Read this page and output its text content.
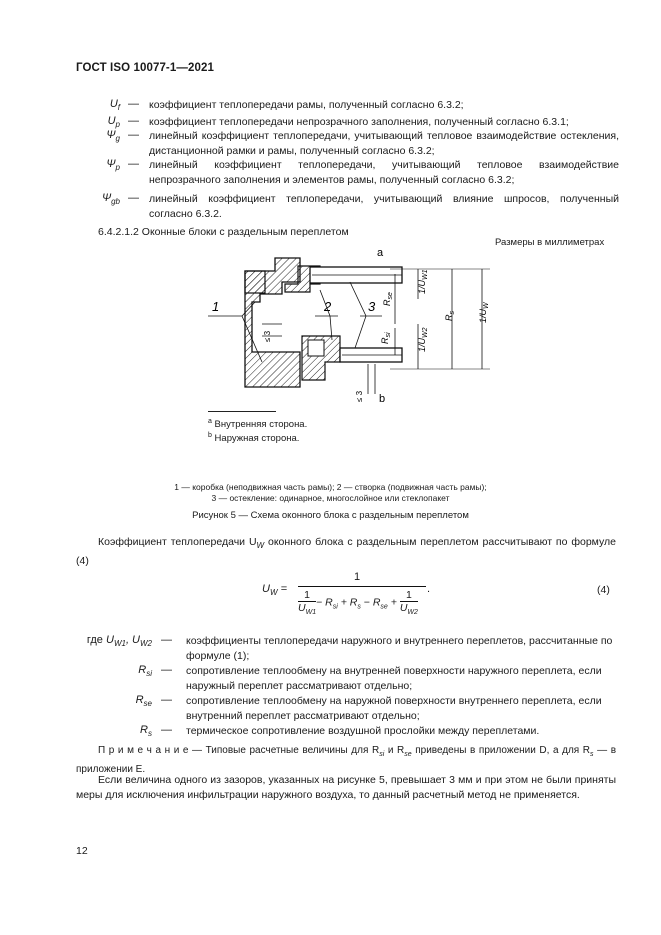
ГОСТ ISO 10077-1—2021
$U_f$ — коэффициент теплопередачи рамы, полученный согласно 6.3.2;
$U_p$ — коэффициент теплопередачи непрозрачного заполнения, полученный согласно 6.3.1;
$\Psi_g$ — линейный коэффициент теплопередачи, учитывающий тепловое взаимодействие остекления, дистанционной рамки и рамы, полученный согласно 6.3.2;
$\Psi_p$ — линейный коэффициент теплопередачи, учитывающий тепловое взаимодействие непрозрачного заполнения и элементов рамы, полученный согласно 6.3.2;
$\Psi_{gb}$ — линейный коэффициент теплопередачи, учитывающий влияние шпросов, полученный согласно 6.3.2.
6.4.2.1.2 Оконные блоки с раздельным переплетом
Размеры в миллиметрах
a
≤ 3
≤ 3 b
1	2	3 $R_{se}$
$R_{si}$
$1/U_{W1}$
$1/U_{W2}$
$R_s$ $1/U_W$
$^a$ Внутренняя сторона.
$^b$ Наружная сторона.
1 — коробка (неподвижная часть рамы); 2 — створка (подвижная часть рамы);
3 — остекление: одинарное, многослойное или стеклопакет
Рисунок 5 — Схема оконного блока с раздельным переплетом
Коэффициент теплопередачи $U_W$ оконного блока с раздельным переплетом рассчитывают по формуле (4)
$U_W$ =
1
.
$\frac{1}{U_{W1}}- R_{si} + R_s - R_{se} + \frac{1}{U_{W2}}$	(4)
где $U_{W1}$, $U_{W2}$ — коэффициенты теплопередачи наружного и внутреннего переплетов, рассчитанные по формуле (1);
$R_{si}$ — сопротивление теплообмену на внутренней поверхности наружного переплета, если наружный переплет рассматривают отдельно;
$R_{se}$ — сопротивление теплообмену на наружной поверхности внутреннего переплета, если внутренний переплет рассматривают отдельно;
$R_s$ — термическое сопротивление воздушной прослойки между переплетами.
П р и м е ч а н и е — Типовые расчетные величины для $R_{si}$ и $R_{se}$ приведены в приложении D, а для $R_s$ — в приложении E.
Если величина одного из зазоров, указанных на рисунке 5, превышает 3 мм и при этом не были приняты меры для исключения инфильтрации наружного воздуха, то данный расчетный метод не применяется.
12
